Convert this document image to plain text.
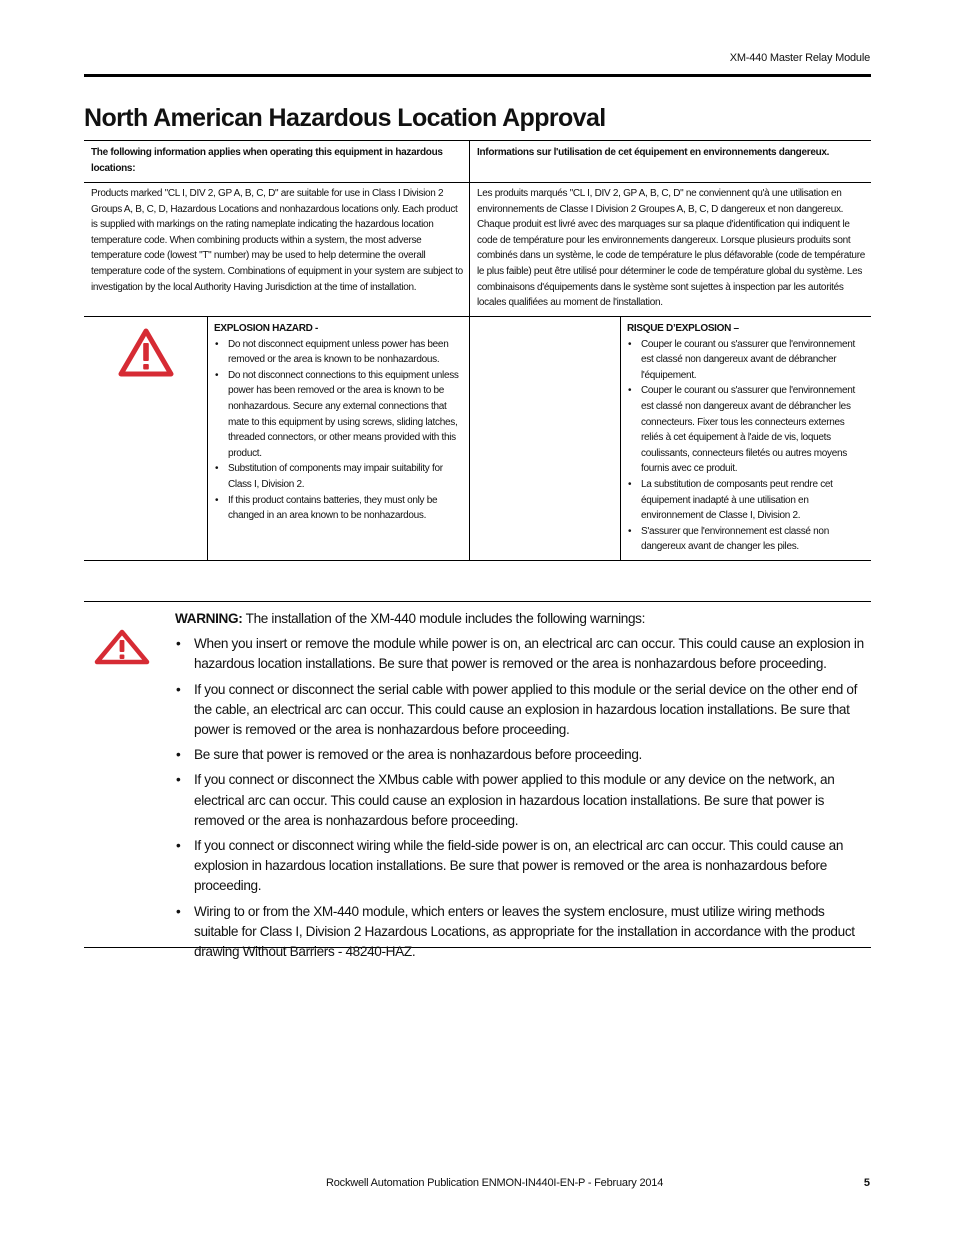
XM-440 Master Relay Module
North American Hazardous Location Approval
The following information applies when operating this equipment in hazardous locations:
Informations sur l'utilisation de cet équipement en environnements dangereux.
Products marked "CL I, DIV 2, GP A, B, C, D" are suitable for use in Class I Division 2 Groups A, B, C, D, Hazardous Locations and nonhazardous locations only. Each product is supplied with markings on the rating nameplate indicating the hazardous location temperature code. When combining products within a system, the most adverse temperature code (lowest "T" number) may be used to help determine the overall temperature code of the system. Combinations of equipment in your system are subject to investigation by the local Authority Having Jurisdiction at the time of installation.
Les produits marqués "CL I, DIV 2, GP A, B, C, D" ne conviennent qu'à une utilisation en environnements de Classe I Division 2 Groupes A, B, C, D dangereux et non dangereux. Chaque produit est livré avec des marquages sur sa plaque d'identification qui indiquent le code de température pour les environnements dangereux. Lorsque plusieurs produits sont combinés dans un système, le code de température le plus défavorable (code de température le plus faible) peut être utilisé pour déterminer le code de température global du système. Les combinaisons d'équipements dans le système sont sujettes à inspection par les autorités locales qualifiées au moment de l'installation.
EXPLOSION HAZARD -
• Do not disconnect equipment unless power has been removed or the area is known to be nonhazardous.
• Do not disconnect connections to this equipment unless power has been removed or the area is known to be nonhazardous. Secure any external connections that mate to this equipment by using screws, sliding latches, threaded connectors, or other means provided with this product.
• Substitution of components may impair suitability for Class I, Division 2.
• If this product contains batteries, they must only be changed in an area known to be nonhazardous.
RISQUE D’EXPLOSION –
• Couper le courant ou s'assurer que l'environnement est classé non dangereux avant de débrancher l'équipement.
• Couper le courant ou s'assurer que l'environnement est classé non dangereux avant de débrancher les connecteurs. Fixer tous les connecteurs externes reliés à cet équipement à l'aide de vis, loquets coulissants, connecteurs filetés ou autres moyens fournis avec ce produit.
• La substitution de composants peut rendre cet équipement inadapté à une utilisation en environnement de Classe I, Division 2.
• S'assurer que l'environnement est classé non dangereux avant de changer les piles.
WARNING: The installation of the XM-440 module includes the following warnings:
• When you insert or remove the module while power is on, an electrical arc can occur. This could cause an explosion in hazardous location installations. Be sure that power is removed or the area is nonhazardous before proceeding.
• If you connect or disconnect the serial cable with power applied to this module or the serial device on the other end of the cable, an electrical arc can occur. This could cause an explosion in hazardous location installations. Be sure that power is removed or the area is nonhazardous before proceeding.
• Be sure that power is removed or the area is nonhazardous before proceeding.
• If you connect or disconnect the XMbus cable with power applied to this module or any device on the network, an electrical arc can occur. This could cause an explosion in hazardous location installations. Be sure that power is removed or the area is nonhazardous before proceeding.
• If you connect or disconnect wiring while the field-side power is on, an electrical arc can occur. This could cause an explosion in hazardous location installations. Be sure that power is removed or the area is nonhazardous before proceeding.
• Wiring to or from the XM-440 module, which enters or leaves the system enclosure, must utilize wiring methods suitable for Class I, Division 2 Hazardous Locations, as appropriate for the installation in accordance with the product drawing Without Barriers - 48240-HAZ.
Rockwell Automation Publication ENMON-IN440I-EN-P - February 2014	5
